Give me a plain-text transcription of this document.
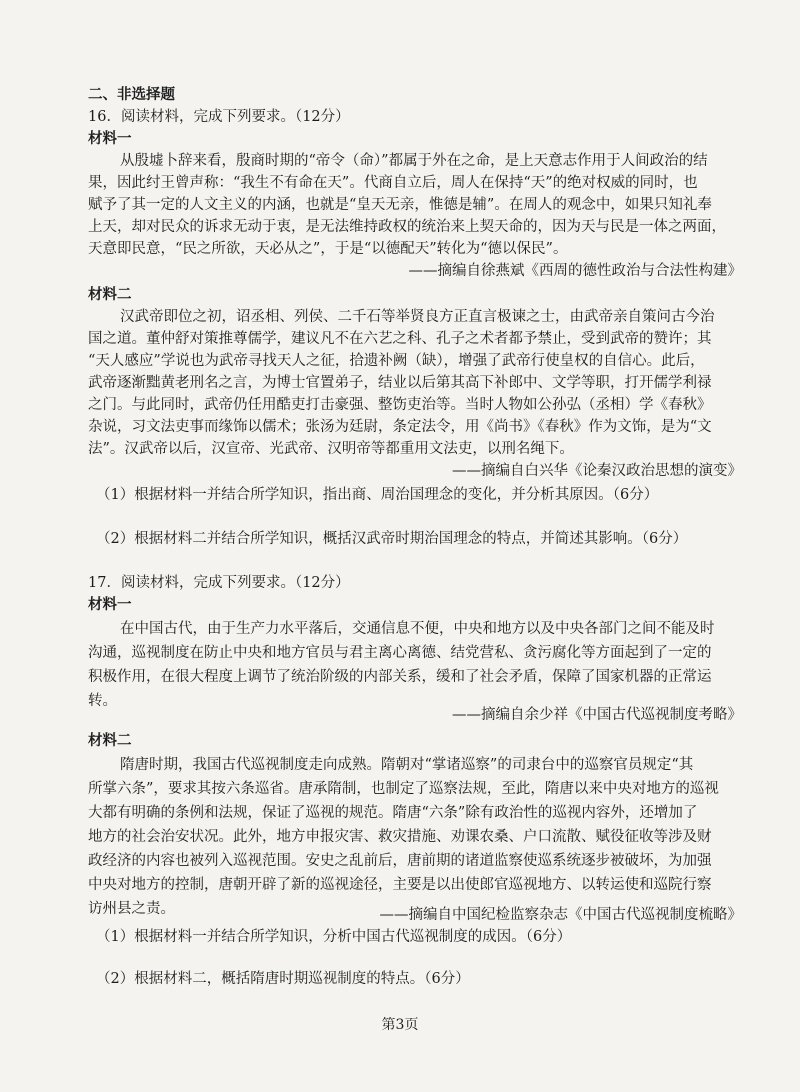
二、非选择题
16．阅读材料，完成下列要求。（12分）
材料一
从殷墟卜辞来看，殷商时期的“帝令（命）”都属于外在之命，是上天意志作用于人间政治的结
果，因此纣王曾声称：“我生不有命在天”。代商自立后，周人在保持“天”的绝对权威的同时，也
赋予了其一定的人文主义的内涵，也就是“皇天无亲，惟德是辅”。在周人的观念中，如果只知礼奉
上天，却对民众的诉求无动于衷，是无法维持政权的统治来上契天命的，因为天与民是一体之两面，
天意即民意，“民之所欲，天必从之”，于是“以德配天”转化为“德以保民”。
——摘编自徐燕斌《西周的德性政治与合法性构建》
材料二
汉武帝即位之初，诏丞相、列侯、二千石等举贤良方正直言极谏之士，由武帝亲自策问古今治
国之道。董仲舒对策推尊儒学，建议凡不在六艺之科、孔子之术者都予禁止，受到武帝的赞许；其
“天人感应”学说也为武帝寻找天人之征，拾遗补阙（缺），增强了武帝行使皇权的自信心。此后，
武帝逐渐黜黄老刑名之言，为博士官置弟子，结业以后第其高下补郎中、文学等职，打开儒学利禄
之门。与此同时，武帝仍任用酷吏打击豪强、整饬吏治等。当时人物如公孙弘（丞相）学《春秋》
杂说，习文法吏事而缘饰以儒术；张汤为廷尉，条定法令，用《尚书》《春秋》作为文饰，是为“文
法”。汉武帝以后，汉宣帝、光武帝、汉明帝等都重用文法吏，以刑名绳下。
——摘编自白兴华《论秦汉政治思想的演变》
（1）根据材料一并结合所学知识，指出商、周治国理念的变化，并分析其原因。（6分）
（2）根据材料二并结合所学知识，概括汉武帝时期治国理念的特点，并简述其影响。（6分）
17．阅读材料，完成下列要求。（12分）
材料一
在中国古代，由于生产力水平落后，交通信息不便，中央和地方以及中央各部门之间不能及时
沟通，巡视制度在防止中央和地方官员与君主离心离德、结党营私、贪污腐化等方面起到了一定的
积极作用，在很大程度上调节了统治阶级的内部关系，缓和了社会矛盾，保障了国家机器的正常运
转。
——摘编自余少祥《中国古代巡视制度考略》
材料二
隋唐时期，我国古代巡视制度走向成熟。隋朝对“掌诸巡察”的司隶台中的巡察官员规定“其
所掌六条”，要求其按六条巡省。唐承隋制，也制定了巡察法规，至此，隋唐以来中央对地方的巡视
大都有明确的条例和法规，保证了巡视的规范。隋唐“六条”除有政治性的巡视内容外，还增加了
地方的社会治安状况。此外，地方申报灾害、救灾措施、劝课农桑、户口流散、赋役征收等涉及财
政经济的内容也被列入巡视范围。安史之乱前后，唐前期的诸道监察使巡系统逐步被破坏，为加强
中央对地方的控制，唐朝开辟了新的巡视途径，主要是以出使郎官巡视地方、以转运使和巡院行察
访州县之责。	——摘编自中国纪检监察杂志《中国古代巡视制度梳略》
（1）根据材料一并结合所学知识，分析中国古代巡视制度的成因。（6分）
（2）根据材料二，概括隋唐时期巡视制度的特点。（6分）
第3页
